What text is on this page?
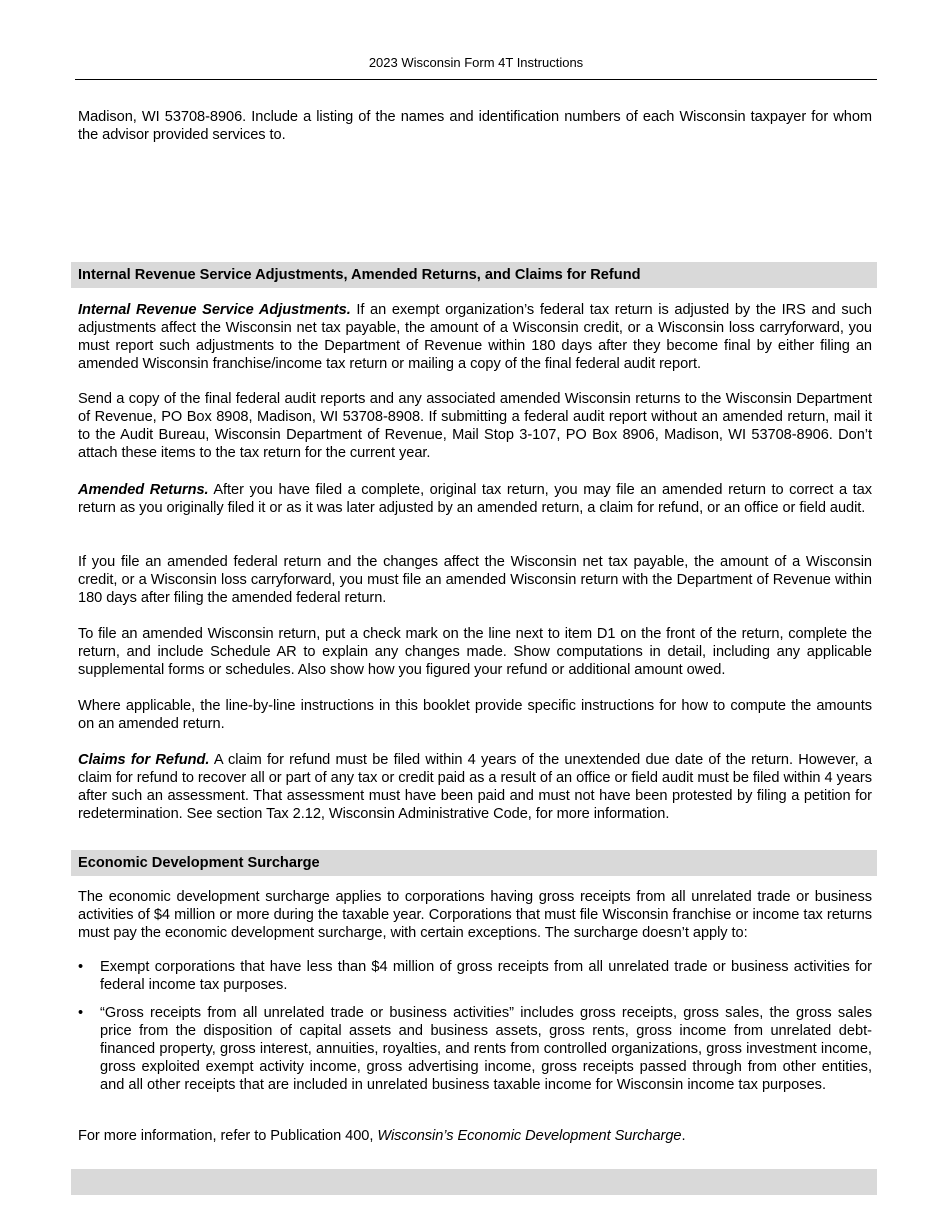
2023 Wisconsin Form 4T Instructions

Madison, WI 53708-8906. Include a listing of the names and identification numbers of each Wisconsin taxpayer for whom the advisor provided services to.

Internal Revenue Service Adjustments, Amended Returns, and Claims for Refund

Internal Revenue Service Adjustments. If an exempt organization’s federal tax return is adjusted by the IRS and such adjustments affect the Wisconsin net tax payable, the amount of a Wisconsin credit, or a Wisconsin loss carryforward, you must report such adjustments to the Department of Revenue within 180 days after they become final by either filing an amended Wisconsin franchise/income tax return or mailing a copy of the final federal audit report.

Send a copy of the final federal audit reports and any associated amended Wisconsin returns to the Wisconsin Department of Revenue, PO Box 8908, Madison, WI 53708-8908. If submitting a federal audit report without an amended return, mail it to the Audit Bureau, Wisconsin Department of Revenue, Mail Stop 3-107, PO Box 8906, Madison, WI 53708-8906. Don’t attach these items to the tax return for the current year.

Amended Returns. After you have filed a complete, original tax return, you may file an amended return to correct a tax return as you originally filed it or as it was later adjusted by an amended return, a claim for refund, or an office or field audit.

If you file an amended federal return and the changes affect the Wisconsin net tax payable, the amount of a Wisconsin credit, or a Wisconsin loss carryforward, you must file an amended Wisconsin return with the Department of Revenue within 180 days after filing the amended federal return.

To file an amended Wisconsin return, put a check mark on the line next to item D1 on the front of the return, complete the return, and include Schedule AR to explain any changes made. Show computations in detail, including any applicable supplemental forms or schedules. Also show how you figured your refund or additional amount owed.

Where applicable, the line-by-line instructions in this booklet provide specific instructions for how to compute the amounts on an amended return.

Claims for Refund. A claim for refund must be filed within 4 years of the unextended due date of the return. However, a claim for refund to recover all or part of any tax or credit paid as a result of an office or field audit must be filed within 4 years after such an assessment. That assessment must have been paid and must not have been protested by filing a petition for redetermination. See section Tax 2.12, Wisconsin Administrative Code, for more information.

Economic Development Surcharge

The economic development surcharge applies to corporations having gross receipts from all unrelated trade or business activities of $4 million or more during the taxable year. Corporations that must file Wisconsin franchise or income tax returns must pay the economic development surcharge, with certain exceptions. The surcharge doesn’t apply to:

•	Exempt corporations that have less than $4 million of gross receipts from all unrelated trade or business activities for federal income tax purposes.
•	“Gross receipts from all unrelated trade or business activities” includes gross receipts, gross sales, the gross sales price from the disposition of capital assets and business assets, gross rents, gross income from unrelated debt-financed property, gross interest, annuities, royalties, and rents from controlled organizations, gross investment income, gross exploited exempt activity income, gross advertising income, gross receipts passed through from other entities, and all other receipts that are included in unrelated business taxable income for Wisconsin income tax purposes.

For more information, refer to Publication 400, Wisconsin’s Economic Development Surcharge.
